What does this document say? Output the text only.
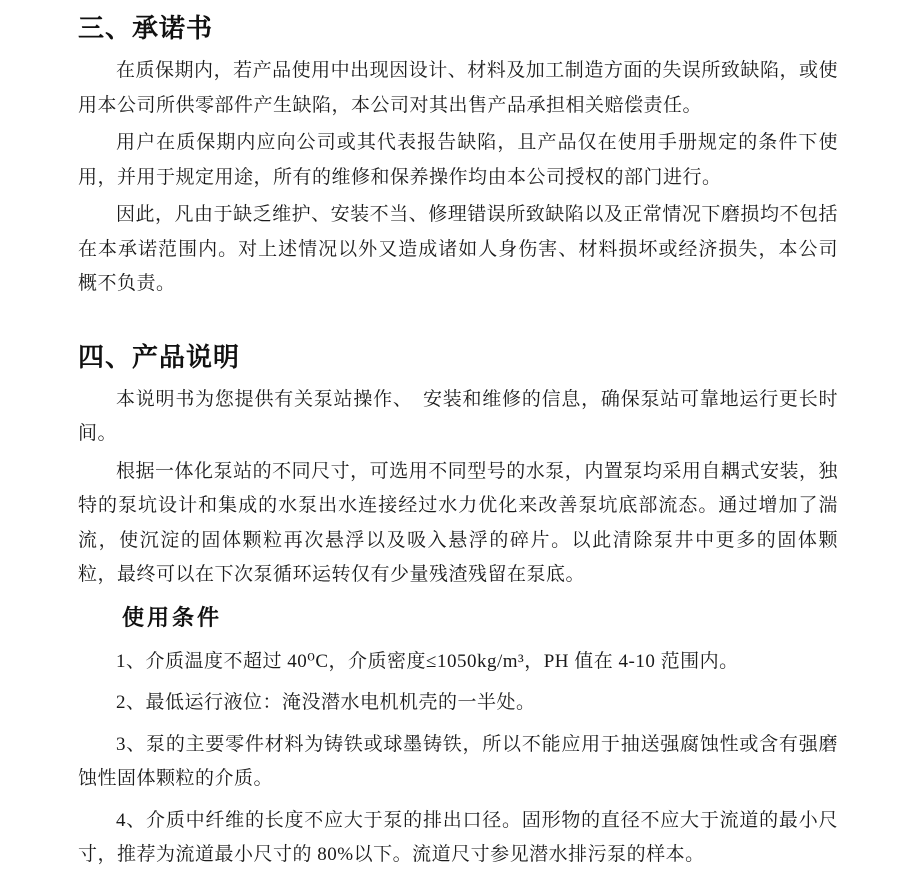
三、承诺书

在质保期内，若产品使用中出现因设计、材料及加工制造方面的失误所致缺陷，或使用本公司所供零部件产生缺陷，本公司对其出售产品承担相关赔偿责任。

用户在质保期内应向公司或其代表报告缺陷，且产品仅在使用手册规定的条件下使用，并用于规定用途，所有的维修和保养操作均由本公司授权的部门进行。

因此，凡由于缺乏维护、安装不当、修理错误所致缺陷以及正常情况下磨损均不包括在本承诺范围内。对上述情况以外又造成诸如人身伤害、材料损坏或经济损失，本公司概不负责。

四、产品说明

本说明书为您提供有关泵站操作、　安装和维修的信息，确保泵站可靠地运行更长时间。

根据一体化泵站的不同尺寸，可选用不同型号的水泵，内置泵均采用自耦式安装，独特的泵坑设计和集成的水泵出水连接经过水力优化来改善泵坑底部流态。通过增加了湍流，使沉淀的固体颗粒再次悬浮以及吸入悬浮的碎片。以此清除泵井中更多的固体颗粒，最终可以在下次泵循环运转仅有少量残渣残留在泵底。

使用条件

1、介质温度不超过 40⁰C，介质密度≤1050kg/m³，PH 值在 4-10 范围内。

2、最低运行液位：淹没潜水电机机壳的一半处。

3、泵的主要零件材料为铸铁或球墨铸铁，所以不能应用于抽送强腐蚀性或含有强磨蚀性固体颗粒的介质。

4、介质中纤维的长度不应大于泵的排出口径。固形物的直径不应大于流道的最小尺寸，推荐为流道最小尺寸的 80%以下。流道尺寸参见潜水排污泵的样本。
